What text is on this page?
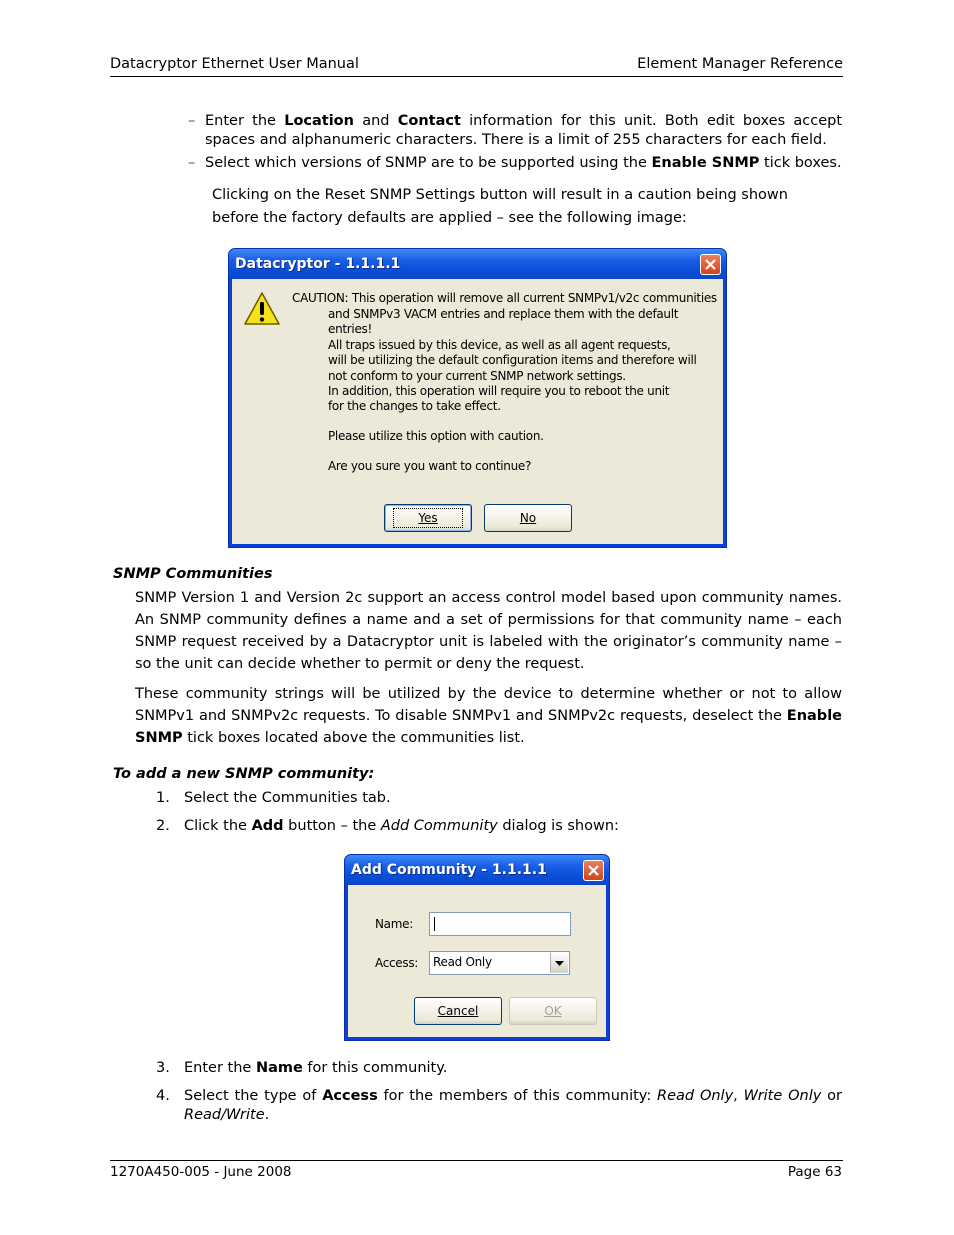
Datacryptor Ethernet User Manual	Element Manager Reference
– Enter the Location and Contact information for this unit. Both edit boxes accept spaces and alphanumeric characters. There is a limit of 255 characters for each field.
– Select which versions of SNMP are to be supported using the Enable SNMP tick boxes.
Clicking on the Reset SNMP Settings button will result in a caution being shown before the factory defaults are applied – see the following image:
Datacryptor - 1.1.1.1
CAUTION: This operation will remove all current SNMPv1/v2c communities
and SNMPv3 VACM entries and replace them with the default entries!
All traps issued by this device, as well as all agent requests,
will be utilizing the default configuration items and therefore will
not conform to your current SNMP network settings.
In addition, this operation will require you to reboot the unit
for the changes to take effect.
Please utilize this option with caution.
Are you sure you want to continue?
Yes	No
SNMP Communities
SNMP Version 1 and Version 2c support an access control model based upon community names. An SNMP community defines a name and a set of permissions for that community name – each SNMP request received by a Datacryptor unit is labeled with the originator’s community name – so the unit can decide whether to permit or deny the request.
These community strings will be utilized by the device to determine whether or not to allow SNMPv1 and SNMPv2c requests. To disable SNMPv1 and SNMPv2c requests, deselect the Enable SNMP tick boxes located above the communities list.
To add a new SNMP community:
1. Select the Communities tab.
2. Click the Add button – the Add Community dialog is shown:
Add Community - 1.1.1.1
Name:
Access: Read Only
Cancel	OK
3. Enter the Name for this community.
4. Select the type of Access for the members of this community: Read Only, Write Only or Read/Write.
1270A450-005 - June 2008	Page 63
